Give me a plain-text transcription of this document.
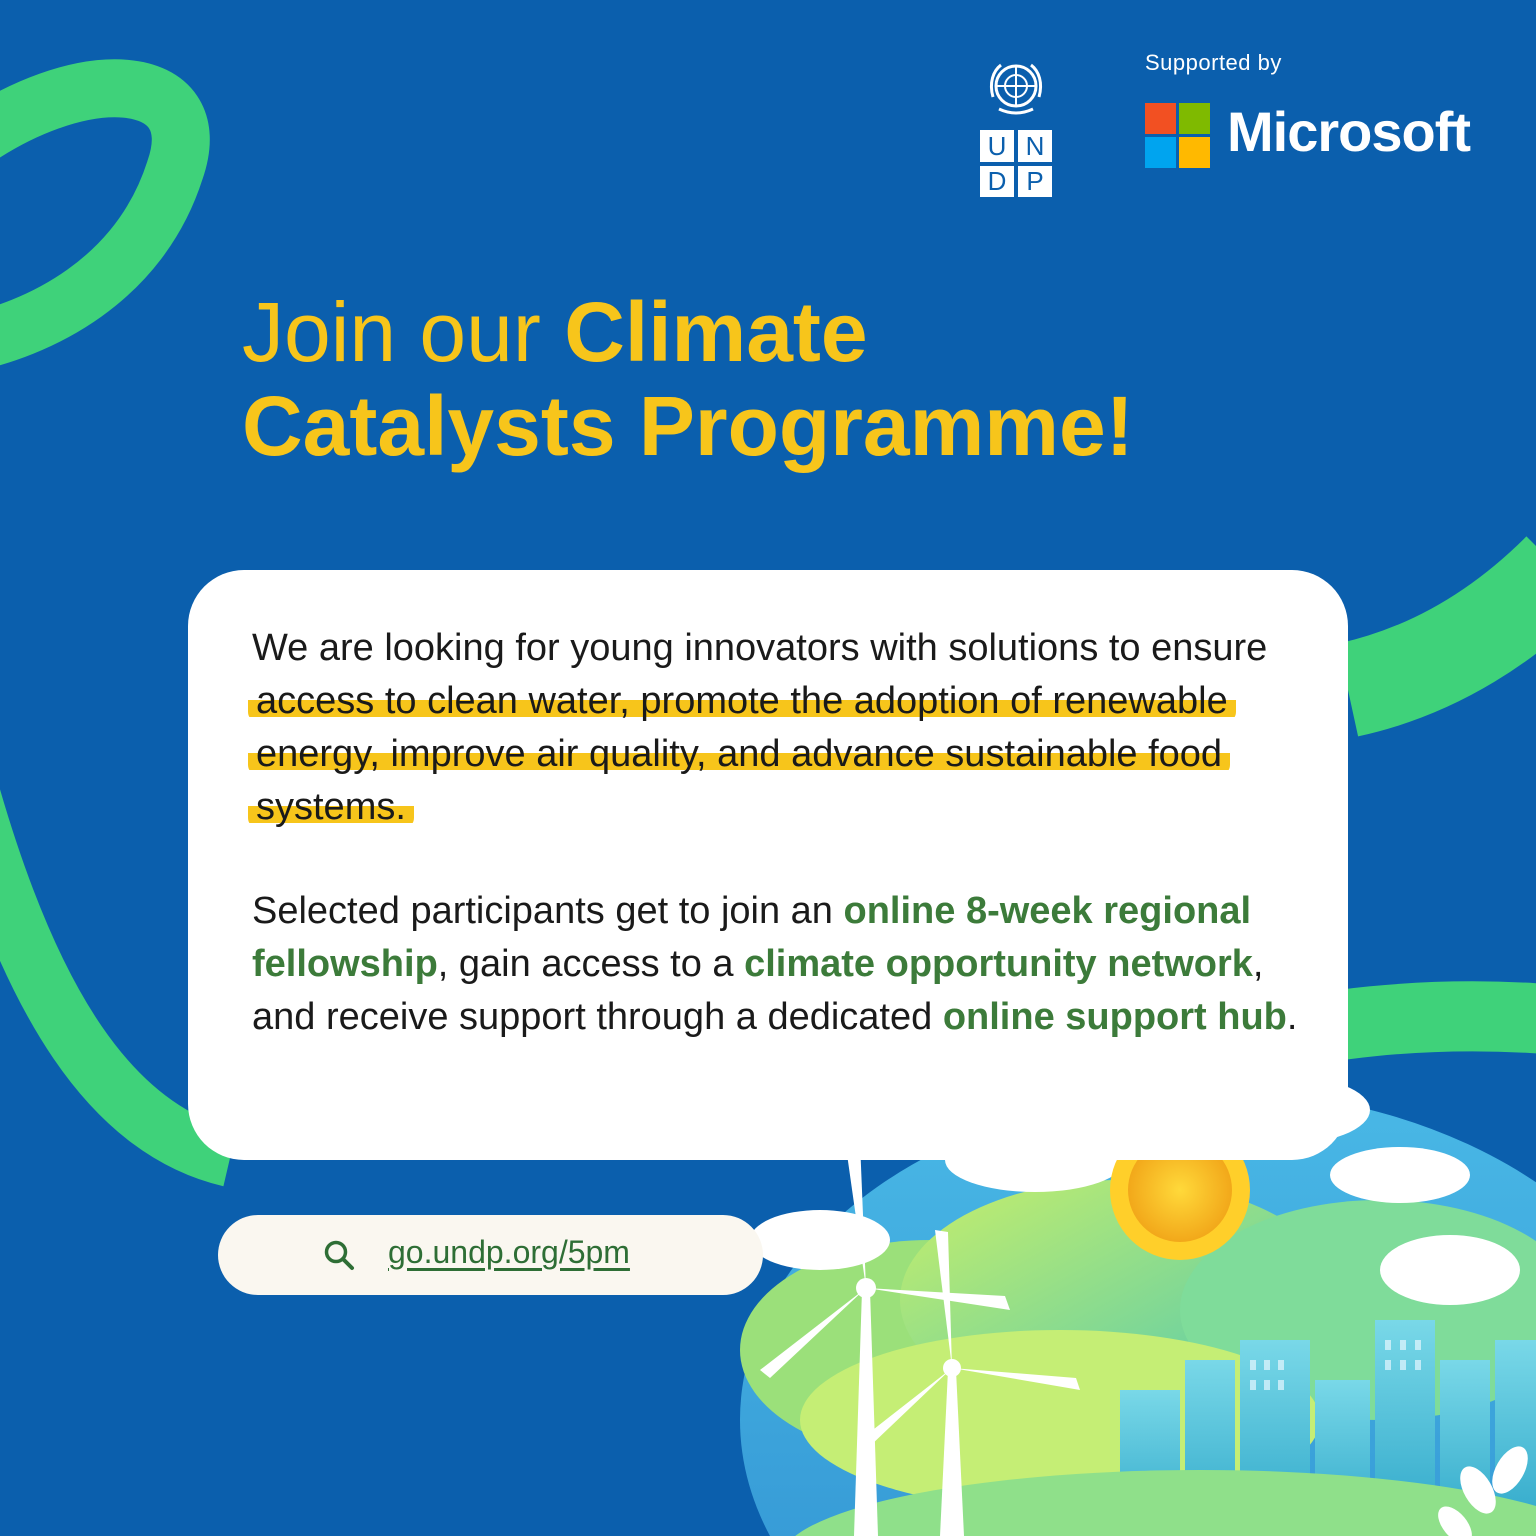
U N
D P
Supported by
Microsoft
Join our Climate
Catalysts Programme!
We are looking for young innovators with solutions to ensure access to clean water, promote the adoption of renewable energy, improve air quality, and advance sustainable food systems.
Selected participants get to join an online 8-week regional fellowship, gain access to a climate opportunity network, and receive support through a dedicated online support hub.
go.undp.org/5pm
